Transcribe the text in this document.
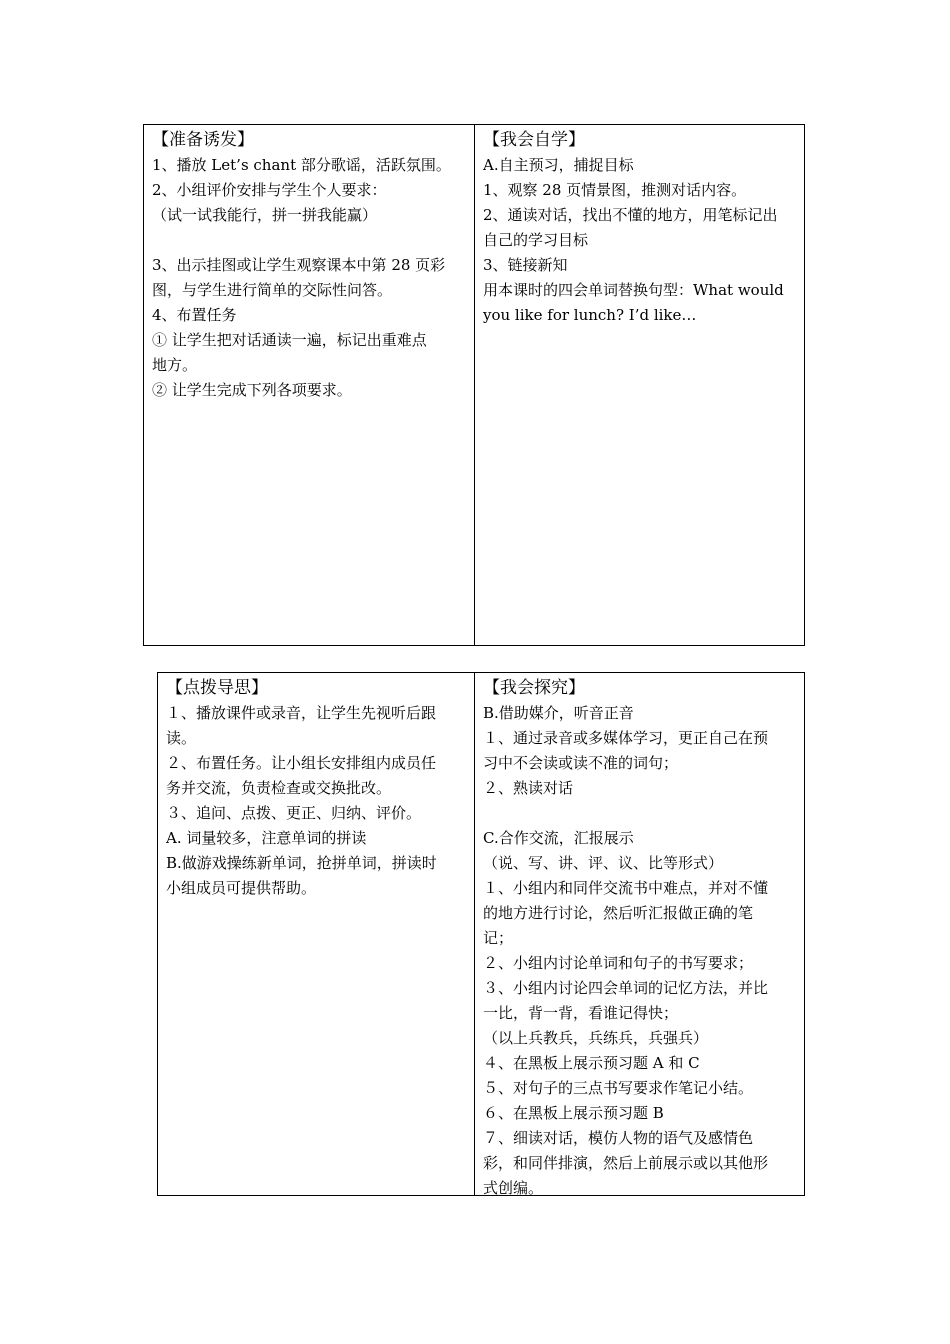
【准备诱发】
1、播放 Let’s chant 部分歌谣，活跃氛围。
2、小组评价安排与学生个人要求：
（试一试我能行，拼一拼我能赢）
3、出示挂图或让学生观察课本中第 28 页彩
图，与学生进行简单的交际性问答。
4、布置任务
① 让学生把对话通读一遍，标记出重难点
地方。
② 让学生完成下列各项要求。
【我会自学】
A.自主预习，捕捉目标
1、观察 28 页情景图，推测对话内容。
2、通读对话，找出不懂的地方，用笔标记出
自己的学习目标
3、链接新知
用本课时的四会单词替换句型：What would
you like for lunch? I’d like…
【点拨导思】
１、播放课件或录音，让学生先视听后跟
读。
２、布置任务。让小组长安排组内成员任
务并交流，负责检查或交换批改。
３、追问、点拨、更正、归纳、评价。
A. 词量较多，注意单词的拼读
B.做游戏操练新单词，抢拼单词，拼读时
小组成员可提供帮助。
【我会探究】
B.借助媒介，听音正音
１、通过录音或多媒体学习，更正自己在预
习中不会读或读不准的词句；
２、熟读对话
C.合作交流，汇报展示
（说、写、讲、评、议、比等形式）
１、小组内和同伴交流书中难点，并对不懂
的地方进行讨论，然后听汇报做正确的笔
记；
２、小组内讨论单词和句子的书写要求；
３、小组内讨论四会单词的记忆方法，并比
一比，背一背，看谁记得快；
（以上兵教兵，兵练兵，兵强兵）
４、在黑板上展示预习题 A 和 C
５、对句子的三点书写要求作笔记小结。
６、在黑板上展示预习题 B
７、细读对话，模仿人物的语气及感情色
彩，和同伴排演，然后上前展示或以其他形
式创编。
